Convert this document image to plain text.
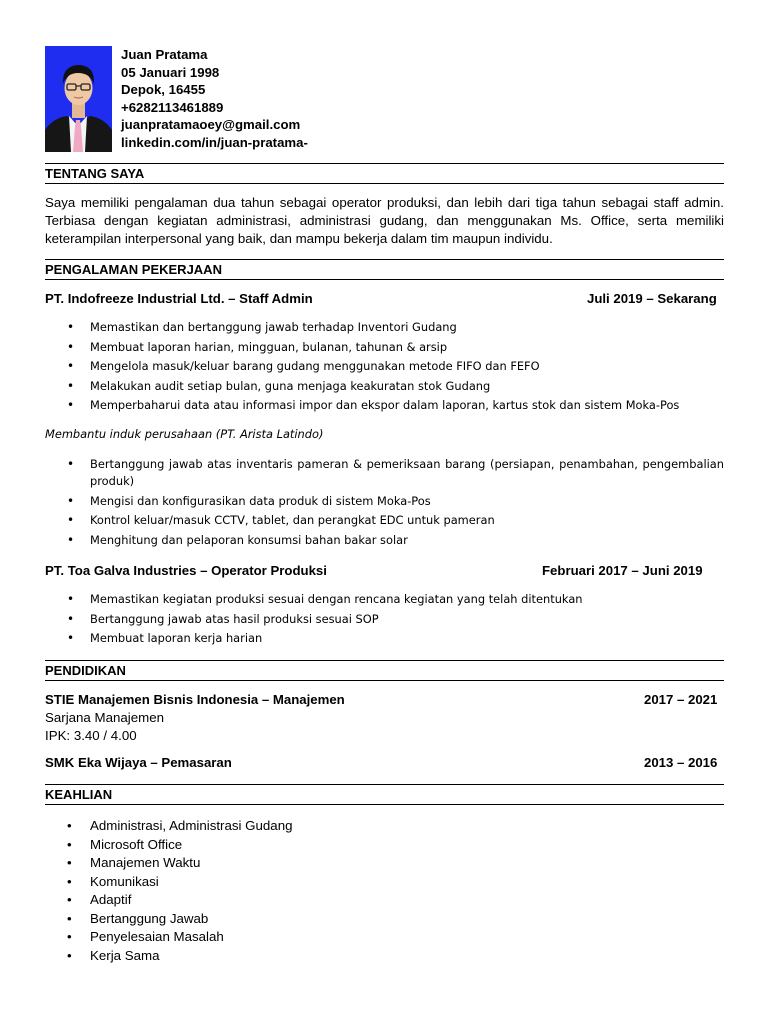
Juan Pratama
05 Januari 1998
Depok, 16455
+6282113461889
juanpratamaoey@gmail.com
linkedin.com/in/juan-pratama-
TENTANG SAYA
Saya memiliki pengalaman dua tahun sebagai operator produksi, dan lebih dari tiga tahun sebagai staff admin. Terbiasa dengan kegiatan administrasi, administrasi gudang, dan menggunakan Ms. Office, serta memiliki keterampilan interpersonal yang baik, dan mampu bekerja dalam tim maupun individu.
PENGALAMAN PEKERJAAN
PT. Indofreeze Industrial Ltd. – Staff Admin	Juli 2019 – Sekarang
• Memastikan dan bertanggung jawab terhadap Inventori Gudang
• Membuat laporan harian, mingguan, bulanan, tahunan & arsip
• Mengelola masuk/keluar barang gudang menggunakan metode FIFO dan FEFO
• Melakukan audit setiap bulan, guna menjaga keakuratan stok Gudang
• Memperbaharui data atau informasi impor dan ekspor dalam laporan, kartus stok dan sistem Moka-Pos
Membantu induk perusahaan (PT. Arista Latindo)
• Bertanggung jawab atas inventaris pameran & pemeriksaan barang (persiapan, penambahan, pengembalian produk)
• Mengisi dan konfigurasikan data produk di sistem Moka-Pos
• Kontrol keluar/masuk CCTV, tablet, dan perangkat EDC untuk pameran
• Menghitung dan pelaporan konsumsi bahan bakar solar
PT. Toa Galva Industries – Operator Produksi	Februari 2017 – Juni 2019
• Memastikan kegiatan produksi sesuai dengan rencana kegiatan yang telah ditentukan
• Bertanggung jawab atas hasil produksi sesuai SOP
• Membuat laporan kerja harian
PENDIDIKAN
STIE Manajemen Bisnis Indonesia – Manajemen	2017 – 2021
Sarjana Manajemen
IPK: 3.40 / 4.00
SMK Eka Wijaya – Pemasaran	2013 – 2016
KEAHLIAN
• Administrasi, Administrasi Gudang
• Microsoft Office
• Manajemen Waktu
• Komunikasi
• Adaptif
• Bertanggung Jawab
• Penyelesaian Masalah
• Kerja Sama
